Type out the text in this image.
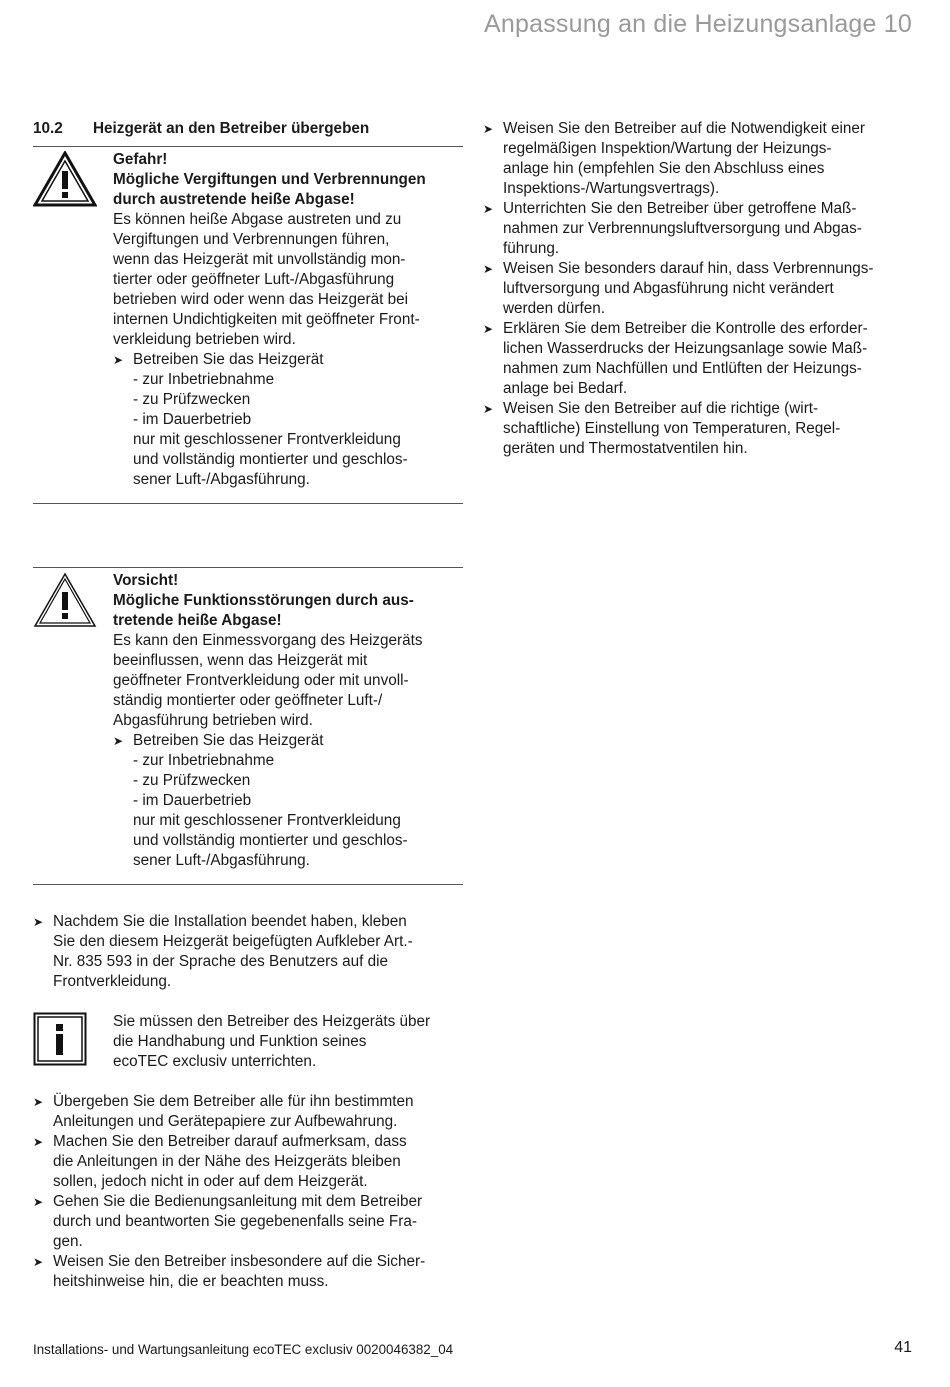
Anpassung an die Heizungsanlage 10
10.2	Heizgerät an den Betreiber übergeben
Gefahr!
Mögliche Vergiftungen und Verbrennungen
durch austretende heiße Abgase!
Es können heiße Abgase austreten und zu
Vergiftungen und Verbrennungen führen,
wenn das Heizgerät mit unvollständig mon-
tierter oder geöffneter Luft-/Abgasführung
betrieben wird oder wenn das Heizgerät bei
internen Undichtigkeiten mit geöffneter Front-
verkleidung betrieben wird.
➤ Betreiben Sie das Heizgerät
- zur Inbetriebnahme
- zu Prüfzwecken
- im Dauerbetrieb
nur mit geschlossener Frontverkleidung
und vollständig montierter und geschlos-
sener Luft-/Abgasführung.
Vorsicht!
Mögliche Funktionsstörungen durch aus-
tretende heiße Abgase!
Es kann den Einmessvorgang des Heizgeräts
beeinflussen, wenn das Heizgerät mit
geöffneter Frontverkleidung oder mit unvoll-
ständig montierter oder geöffneter Luft-/
Abgasführung betrieben wird.
➤ Betreiben Sie das Heizgerät
- zur Inbetriebnahme
- zu Prüfzwecken
- im Dauerbetrieb
nur mit geschlossener Frontverkleidung
und vollständig montierter und geschlos-
sener Luft-/Abgasführung.
➤ Nachdem Sie die Installation beendet haben, kleben
Sie den diesem Heizgerät beigefügten Aufkleber Art.-
Nr. 835 593 in der Sprache des Benutzers auf die
Frontverkleidung.
Sie müssen den Betreiber des Heizgeräts über
die Handhabung und Funktion seines
ecoTEC exclusiv unterrichten.
➤ Übergeben Sie dem Betreiber alle für ihn bestimmten
Anleitungen und Gerätepapiere zur Aufbewahrung.
➤ Machen Sie den Betreiber darauf aufmerksam, dass
die Anleitungen in der Nähe des Heizgeräts bleiben
sollen, jedoch nicht in oder auf dem Heizgerät.
➤ Gehen Sie die Bedienungsanleitung mit dem Betreiber
durch und beantworten Sie gegebenenfalls seine Fra-
gen.
➤ Weisen Sie den Betreiber insbesondere auf die Sicher-
heitshinweise hin, die er beachten muss.
➤ Weisen Sie den Betreiber auf die Notwendigkeit einer
regelmäßigen Inspektion/Wartung der Heizungs-
anlage hin (empfehlen Sie den Abschluss eines
Inspektions-/Wartungsvertrags).
➤ Unterrichten Sie den Betreiber über getroffene Maß-
nahmen zur Verbrennungsluftversorgung und Abgas-
führung.
➤ Weisen Sie besonders darauf hin, dass Verbrennungs-
luftversorgung und Abgasführung nicht verändert
werden dürfen.
➤ Erklären Sie dem Betreiber die Kontrolle des erforder-
lichen Wasserdrucks der Heizungsanlage sowie Maß-
nahmen zum Nachfüllen und Entlüften der Heizungs-
anlage bei Bedarf.
➤ Weisen Sie den Betreiber auf die richtige (wirt-
schaftliche) Einstellung von Temperaturen, Regel-
geräten und Thermostatventilen hin.
Installations- und Wartungsanleitung ecoTEC exclusiv 0020046382_04	41
